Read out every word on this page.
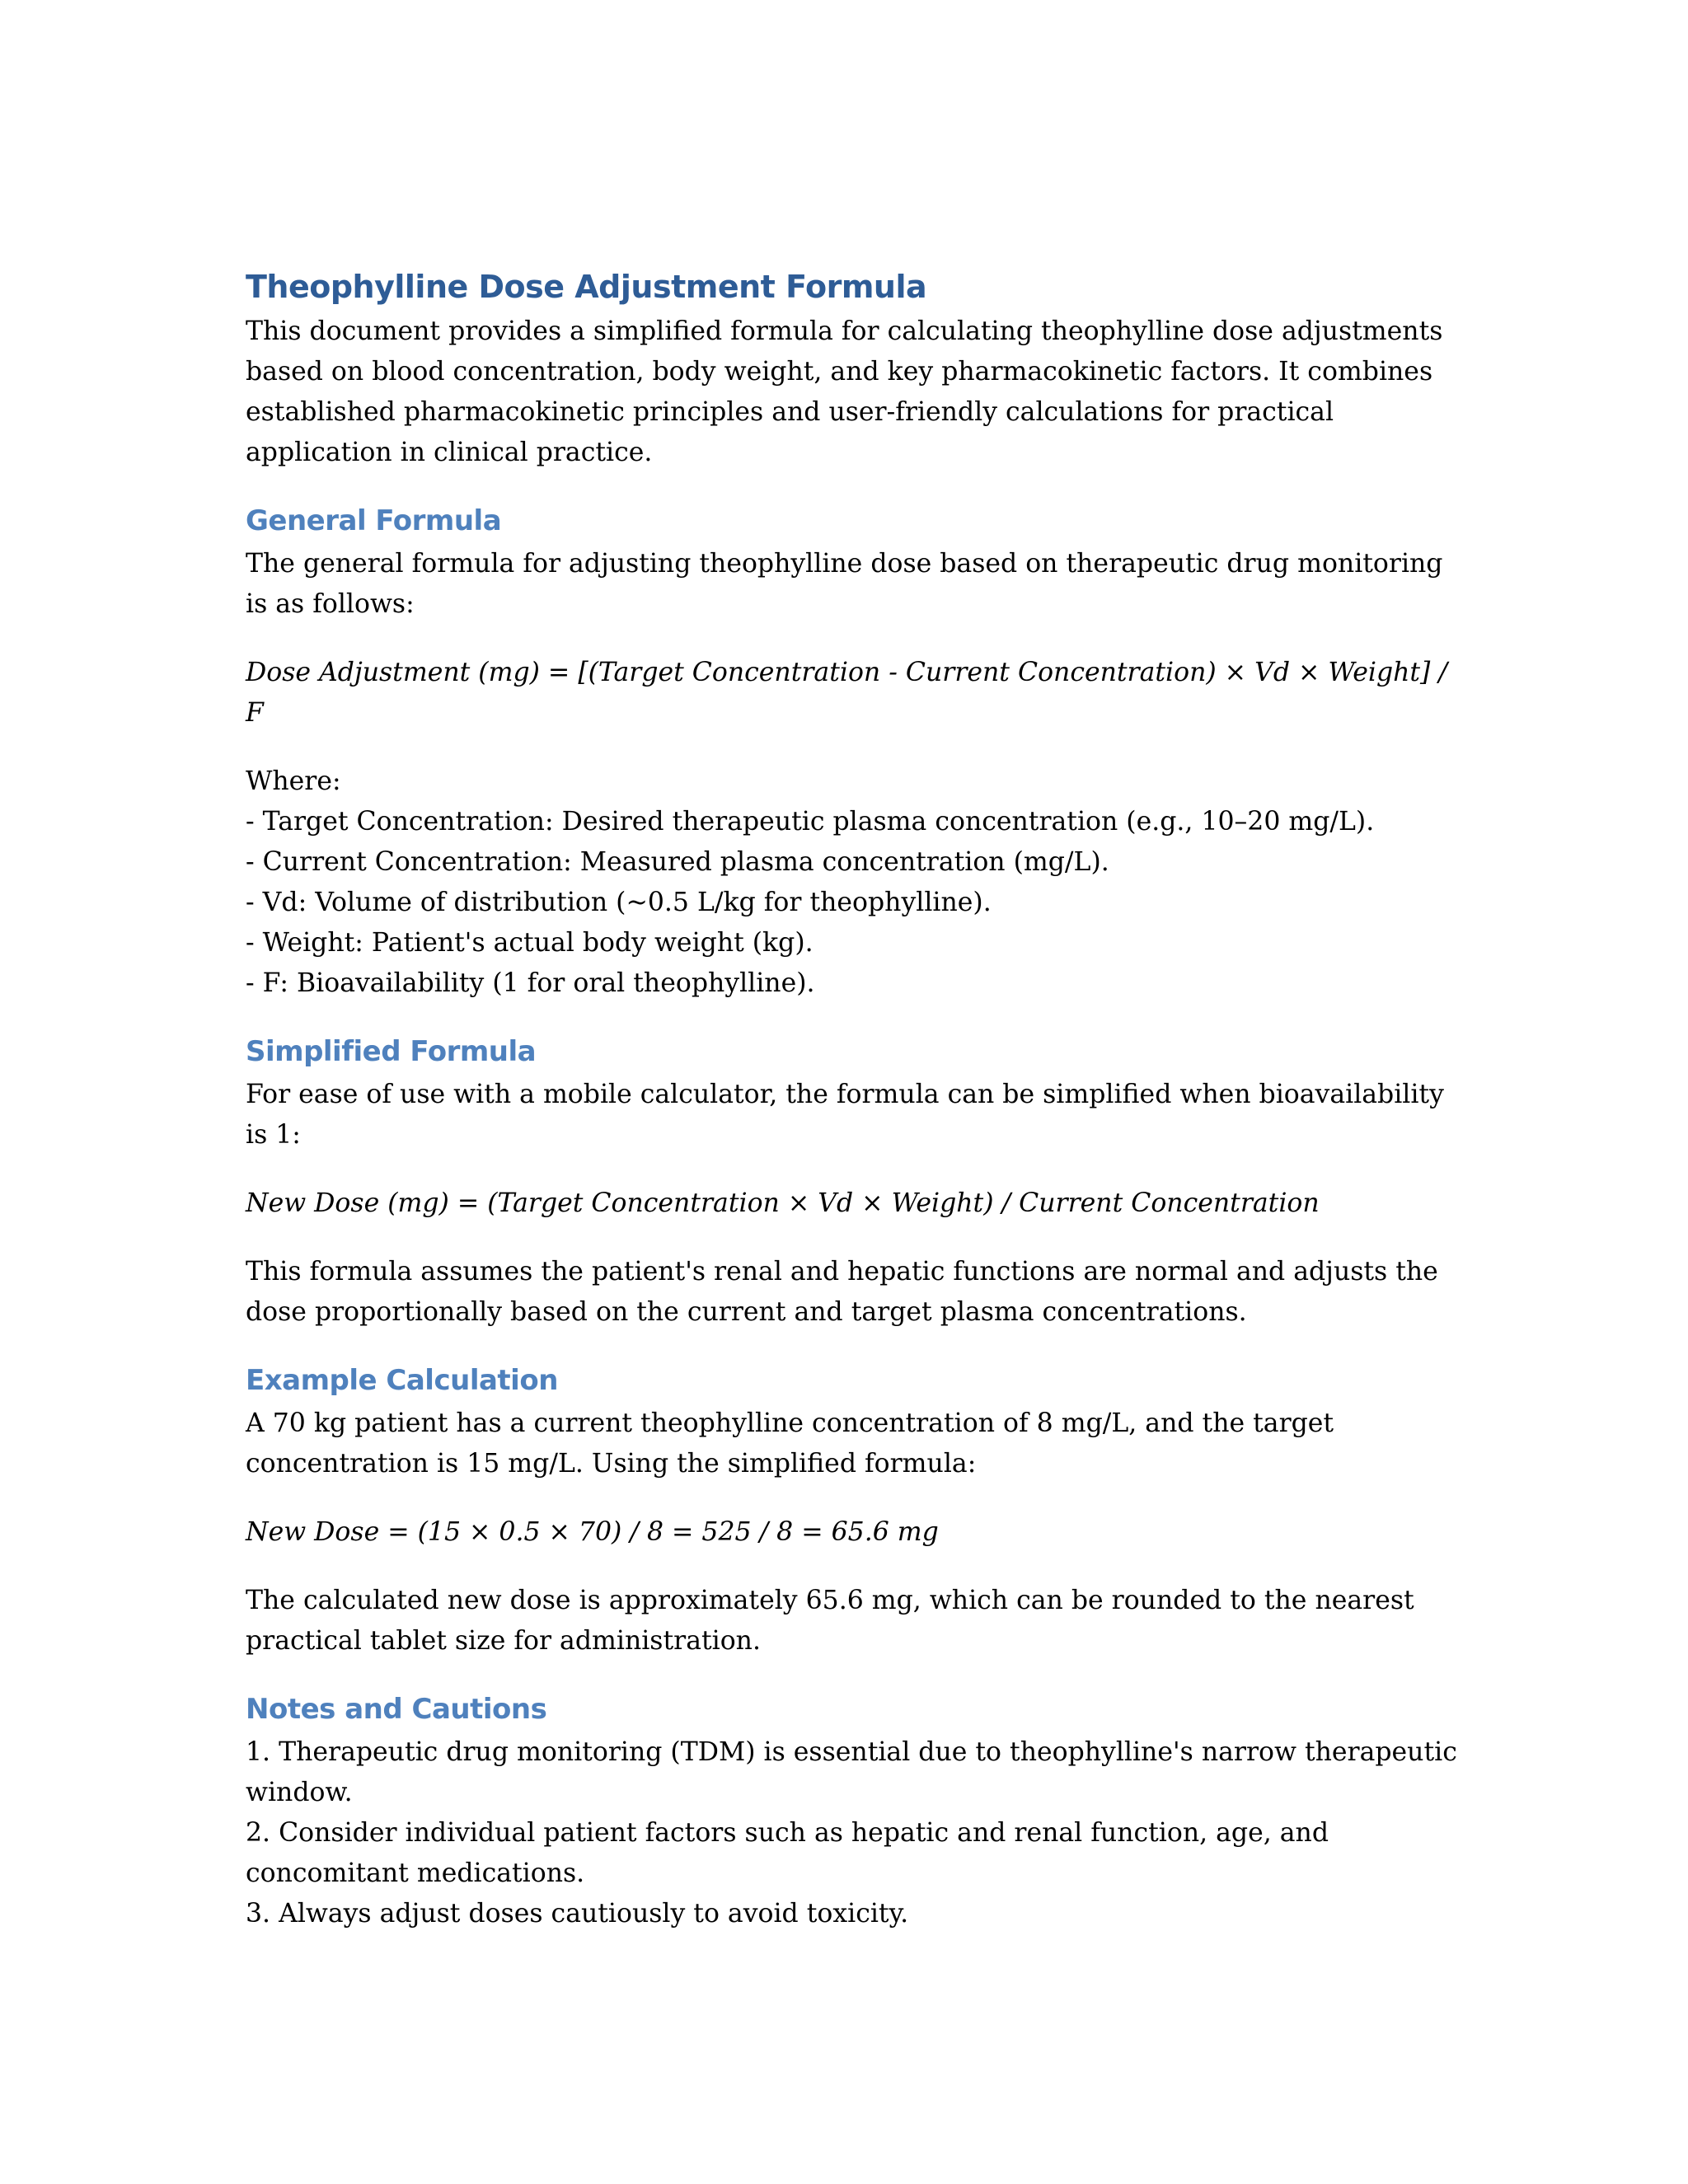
Theophylline Dose Adjustment Formula

This document provides a simplified formula for calculating theophylline dose adjustments based on blood concentration, body weight, and key pharmacokinetic factors. It combines established pharmacokinetic principles and user-friendly calculations for practical application in clinical practice.

General Formula

The general formula for adjusting theophylline dose based on therapeutic drug monitoring is as follows:

Dose Adjustment (mg) = [(Target Concentration - Current Concentration) × Vd × Weight] / F

Where:

- Target Concentration: Desired therapeutic plasma concentration (e.g., 10–20 mg/L).
- Current Concentration: Measured plasma concentration (mg/L).
- Vd: Volume of distribution (~0.5 L/kg for theophylline).
- Weight: Patient's actual body weight (kg).
- F: Bioavailability (1 for oral theophylline).

Simplified Formula

For ease of use with a mobile calculator, the formula can be simplified when bioavailability is 1:

New Dose (mg) = (Target Concentration × Vd × Weight) / Current Concentration

This formula assumes the patient's renal and hepatic functions are normal and adjusts the dose proportionally based on the current and target plasma concentrations.

Example Calculation

A 70 kg patient has a current theophylline concentration of 8 mg/L, and the target concentration is 15 mg/L. Using the simplified formula:

New Dose = (15 × 0.5 × 70) / 8 = 525 / 8 = 65.6 mg

The calculated new dose is approximately 65.6 mg, which can be rounded to the nearest practical tablet size for administration.

Notes and Cautions

1. Therapeutic drug monitoring (TDM) is essential due to theophylline's narrow therapeutic window.
2. Consider individual patient factors such as hepatic and renal function, age, and concomitant medications.
3. Always adjust doses cautiously to avoid toxicity.
